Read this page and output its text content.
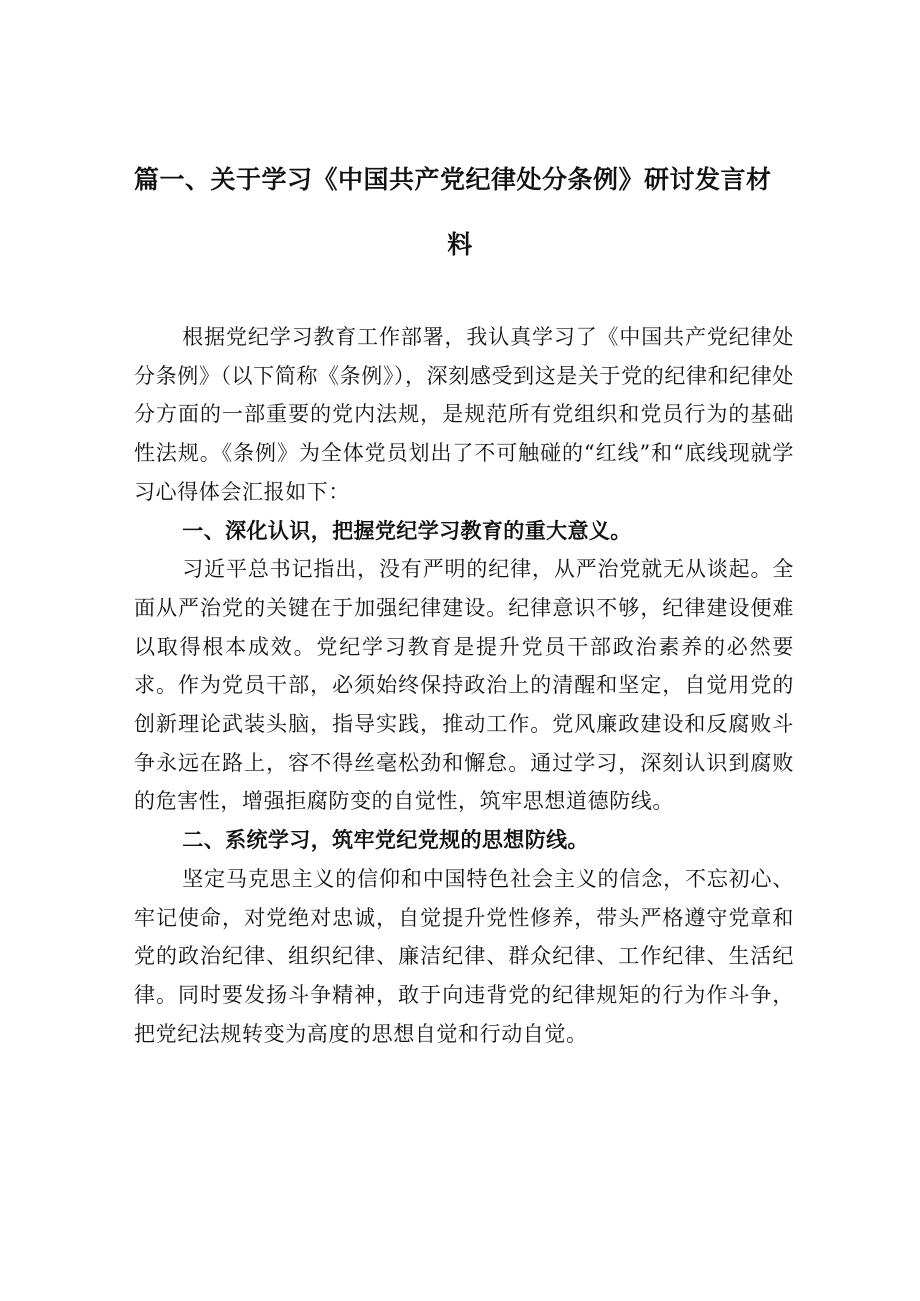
篇一、关于学习《中国共产党纪律处分条例》研讨发言材
料

根据党纪学习教育工作部署，我认真学习了《中国共产党纪律处分条例》（以下简称《条例》），深刻感受到这是关于党的纪律和纪律处分方面的一部重要的党内法规，是规范所有党组织和党员行为的基础性法规。《条例》为全体党员划出了不可触碰的“红线”和“底线现就学习心得体会汇报如下：

一、深化认识，把握党纪学习教育的重大意义。

习近平总书记指出，没有严明的纪律，从严治党就无从谈起。全面从严治党的关键在于加强纪律建设。纪律意识不够，纪律建设便难以取得根本成效。党纪学习教育是提升党员干部政治素养的必然要求。作为党员干部，必须始终保持政治上的清醒和坚定，自觉用党的创新理论武装头脑，指导实践，推动工作。党风廉政建设和反腐败斗争永远在路上，容不得丝毫松劲和懈怠。通过学习，深刻认识到腐败的危害性，增强拒腐防变的自觉性，筑牢思想道德防线。

二、系统学习，筑牢党纪党规的思想防线。

坚定马克思主义的信仰和中国特色社会主义的信念，不忘初心、牢记使命，对党绝对忠诚，自觉提升党性修养，带头严格遵守党章和党的政治纪律、组织纪律、廉洁纪律、群众纪律、工作纪律、生活纪律。同时要发扬斗争精神，敢于向违背党的纪律规矩的行为作斗争，把党纪法规转变为高度的思想自觉和行动自觉。
